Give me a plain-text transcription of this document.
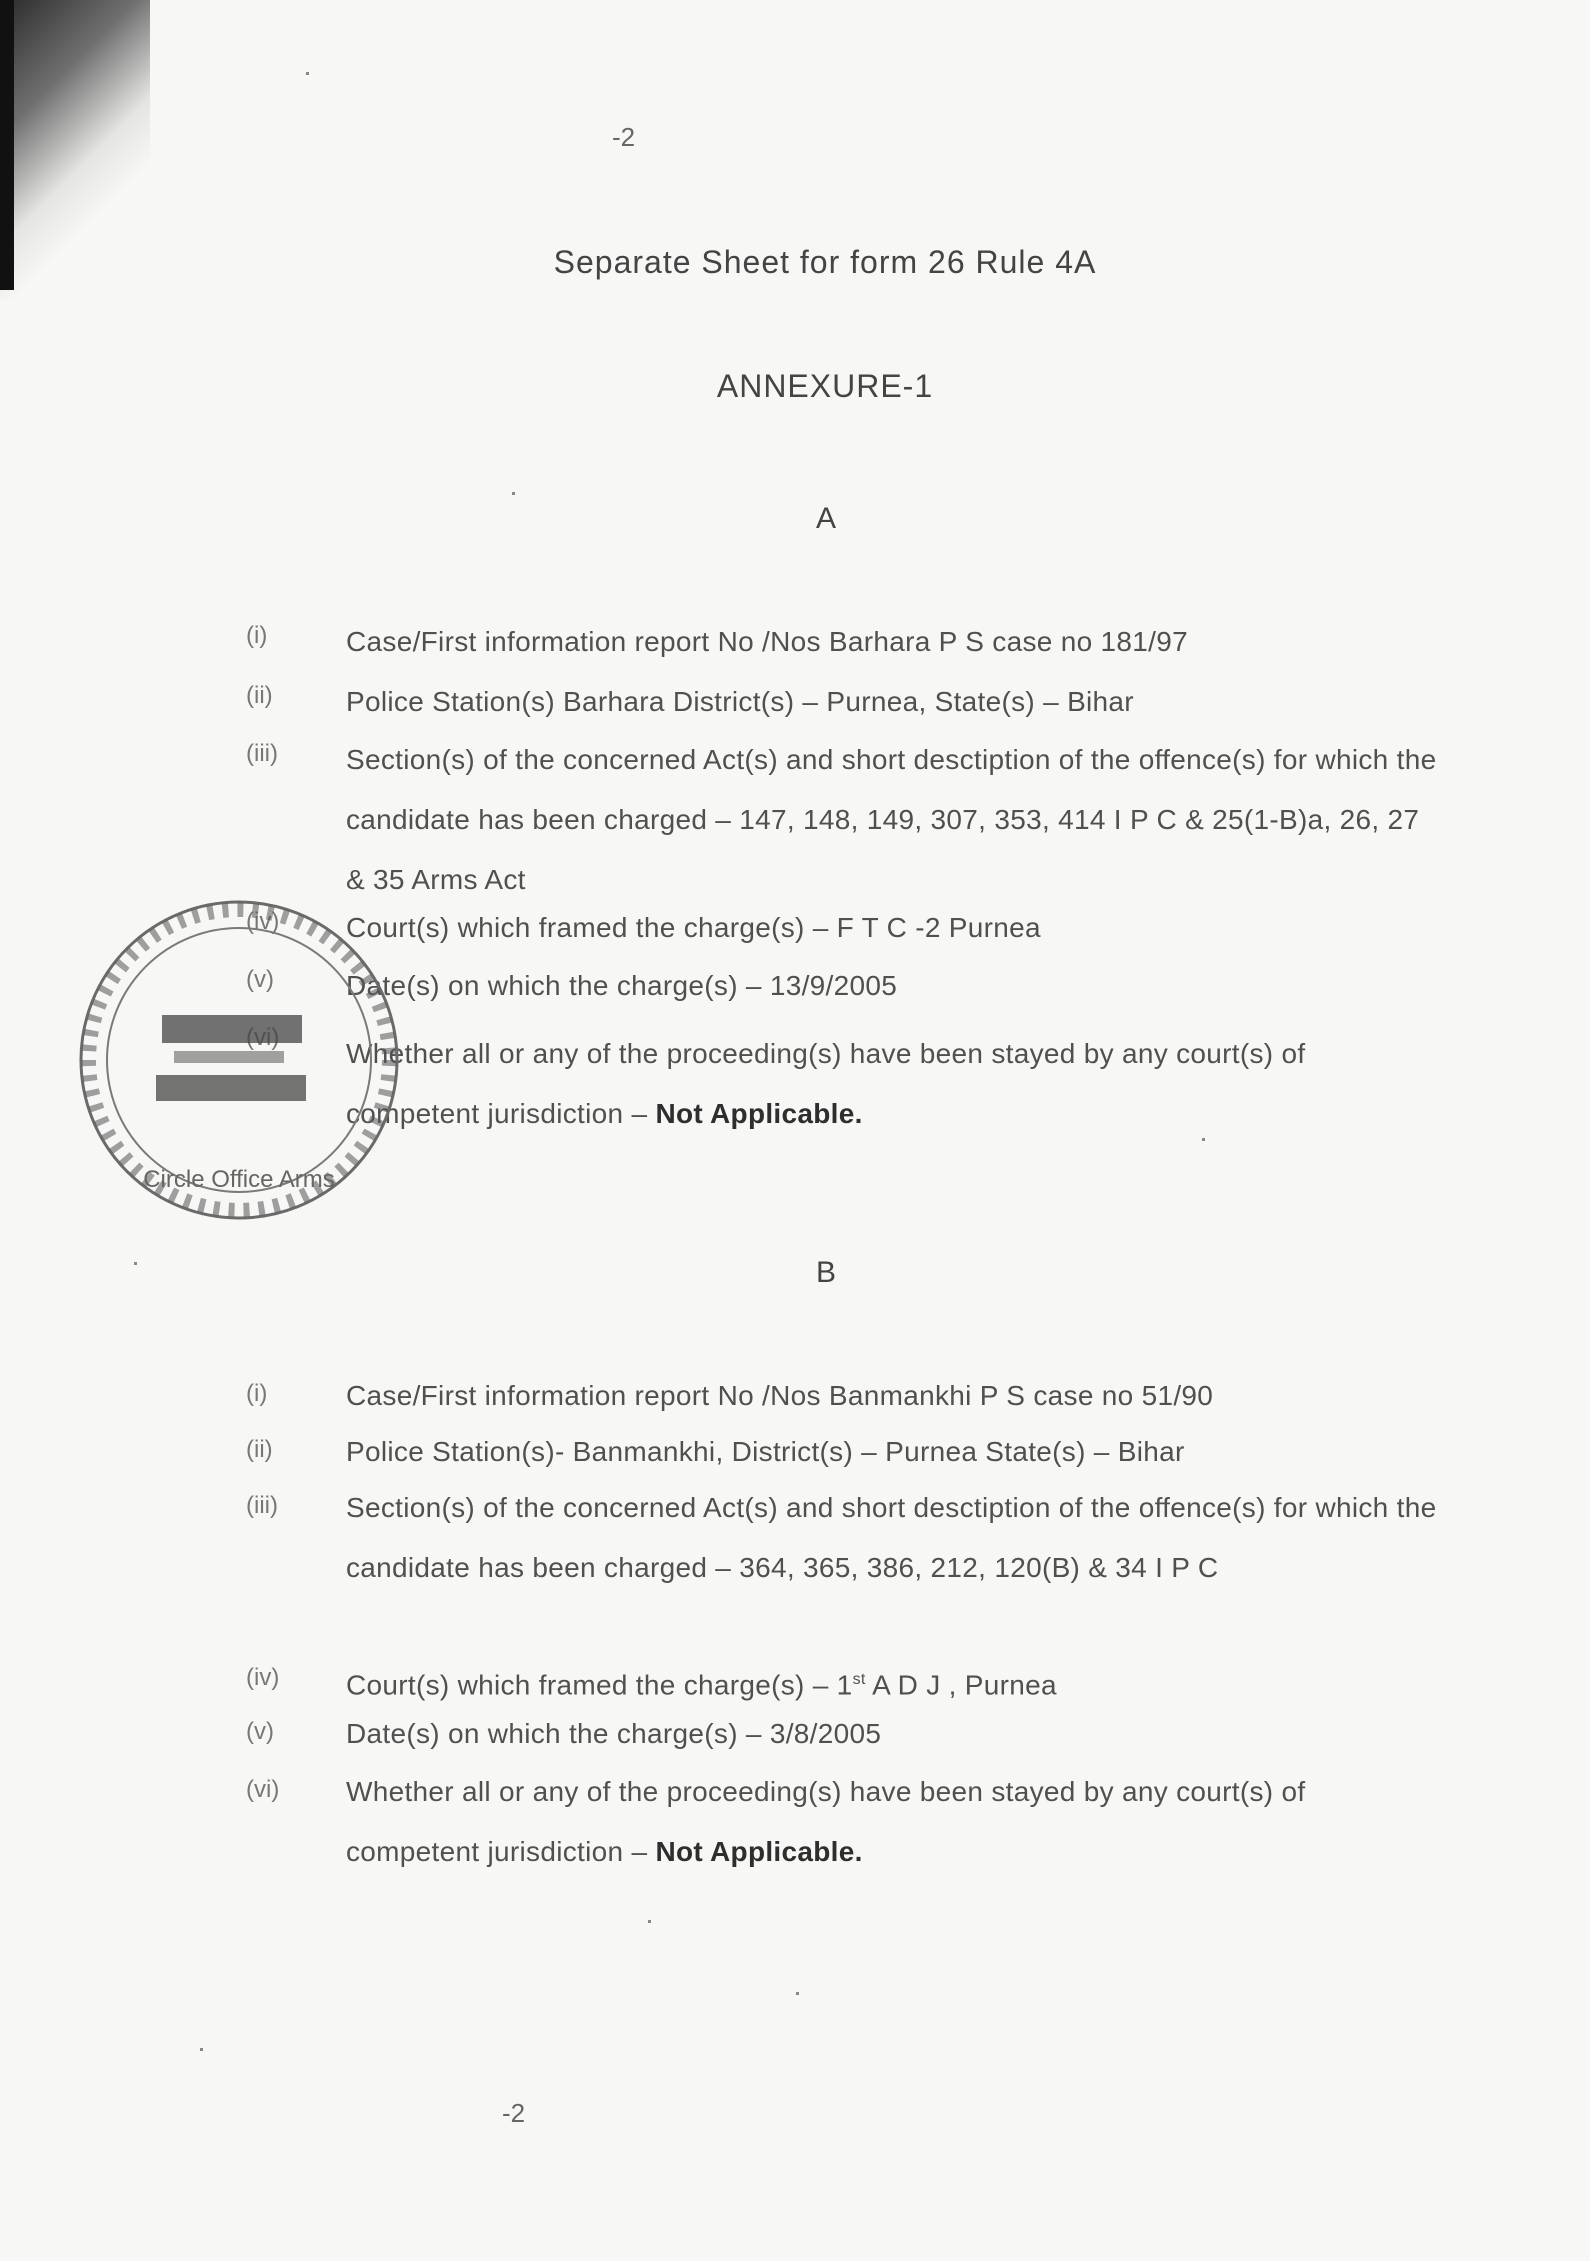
-2
Separate Sheet for form 26 Rule 4A
ANNEXURE-1
A
(i)	Case/First information report No /Nos Barhara P S case no 181/97
(ii)	Police Station(s) Barhara District(s) – Purnea, State(s) – Bihar
(iii) Section(s) of the concerned Act(s) and short desctiption of the offence(s) for which the candidate has been charged – 147, 148, 149, 307, 353, 414 I P C & 25(1-B)a, 26, 27 & 35 Arms Act
(iv) Court(s) which framed the charge(s) – F T C -2 Purnea
(v)	Date(s) on which the charge(s) – 13/9/2005
Whether all or any of the proceeding(s) have been stayed by any court(s) of competent jurisdiction – Not Applicable.
Circle Office Arms
B
(i)	Case/First information report No /Nos Banmankhi P S case no 51/90
(ii)	Police Station(s)- Banmankhi, District(s) – Purnea State(s) – Bihar
(iii) Section(s) of the concerned Act(s) and short desctiption of the offence(s) for which the candidate has been charged – 364, 365, 386, 212, 120(B) & 34 I P C
(iv) Court(s) which framed the charge(s) – 1st A D J , Purnea
(v)	Date(s) on which the charge(s) – 3/8/2005
(vi) Whether all or any of the proceeding(s) have been stayed by any court(s) of competent jurisdiction – Not Applicable.
-2
